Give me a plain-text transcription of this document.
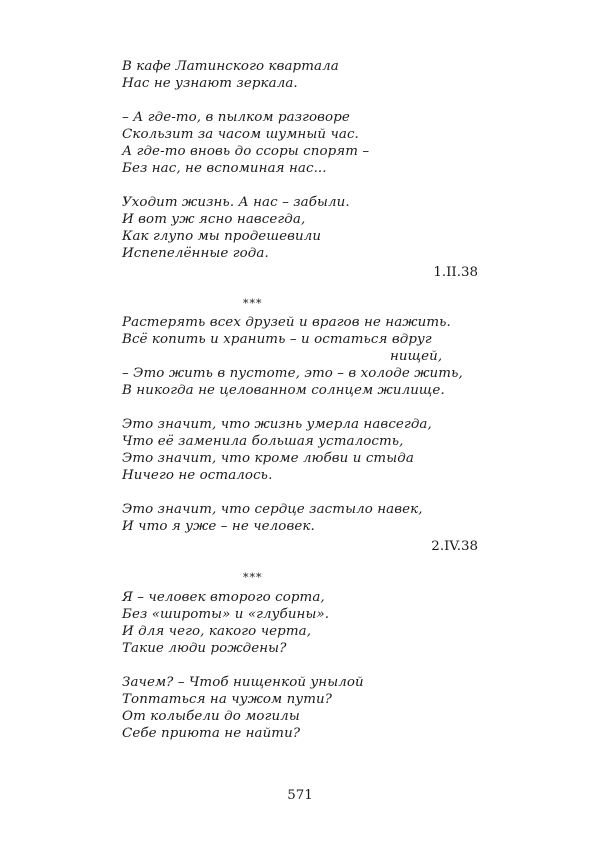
В кафе Латинского квартала
Нас не узнают зеркала.
– А где-то, в пылком разговоре
Скользит за часом шумный час.
А где-то вновь до ссоры спорят –
Без нас, не вспоминая нас...
Уходит жизнь. А нас – забыли.
И вот уж ясно навсегда,
Как глупо мы продешевили
Испепелённые года.
1.II.38
***
Растерять всех друзей и врагов не нажить.
Всё копить и хранить – и остаться вдруг
нищей,
– Это жить в пустоте, это – в холоде жить,
В никогда не целованном солнцем жилище.
Это значит, что жизнь умерла навсегда,
Что её заменила большая усталость,
Это значит, что кроме любви и стыда
Ничего не осталось.
Это значит, что сердце застыло навек,
И что я уже – не человек.
2.IV.38
***
Я – человек второго сорта,
Без «широты» и «глубины».
И для чего, какого черта,
Такие люди рождены?
Зачем? – Чтоб нищенкой унылой
Топтаться на чужом пути?
От колыбели до могилы
Себе приюта не найти?
571
